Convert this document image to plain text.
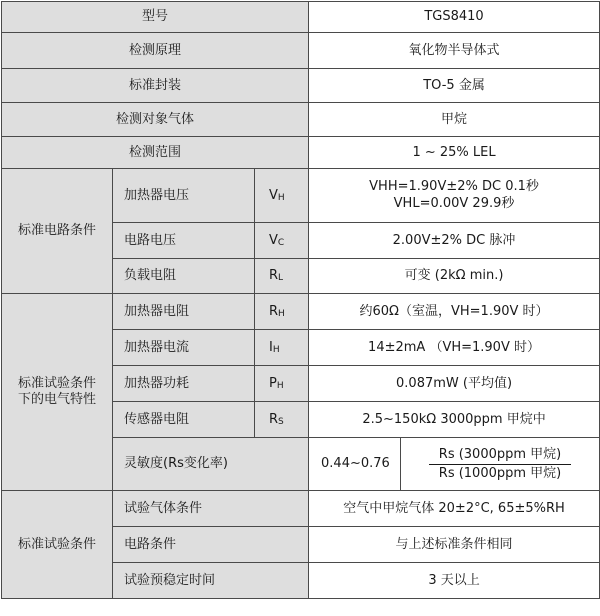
型号			TGS8410	
检测原理			氧化物半导体式	
标准封装			TO-5 金属	
检测对象气体			甲烷	
检测范围			1 ~ 25% LEL	
标准电路条件	加热器电压	$V_H$	VHH=1.90V±2% DC 0.1秒
VHL=0.00V 29.9秒	

	电路电压	$V_C$	2.00V±2% DC 脉冲	
	负载电阻	$R_L$	可变 (2kΩ min.)	

标准试验条件
下的电气特性	加热器电阻	$R_H$	约60Ω（室温，VH=1.90V 时）	
	加热器电流	$I_H$	14±2mA （VH=1.90V 时）	
	加热器功耗	$P_H$	0.087mW (平均值)	
	传感器电阻	$R_S$	2.5~150kΩ 3000ppm 甲烷中	
	灵敏度(Rs变化率)		0.44~0.76	$\frac{\text{Rs (3000ppm 甲烷)}}{\text{Rs (1000ppm 甲烷)}}$

标准试验条件	试验气体条件		空气中甲烷气体 20±2°C, 65±5%RH	
	电路条件		与上述标准条件相同	
	试验预稳定时间		3 天以上	
